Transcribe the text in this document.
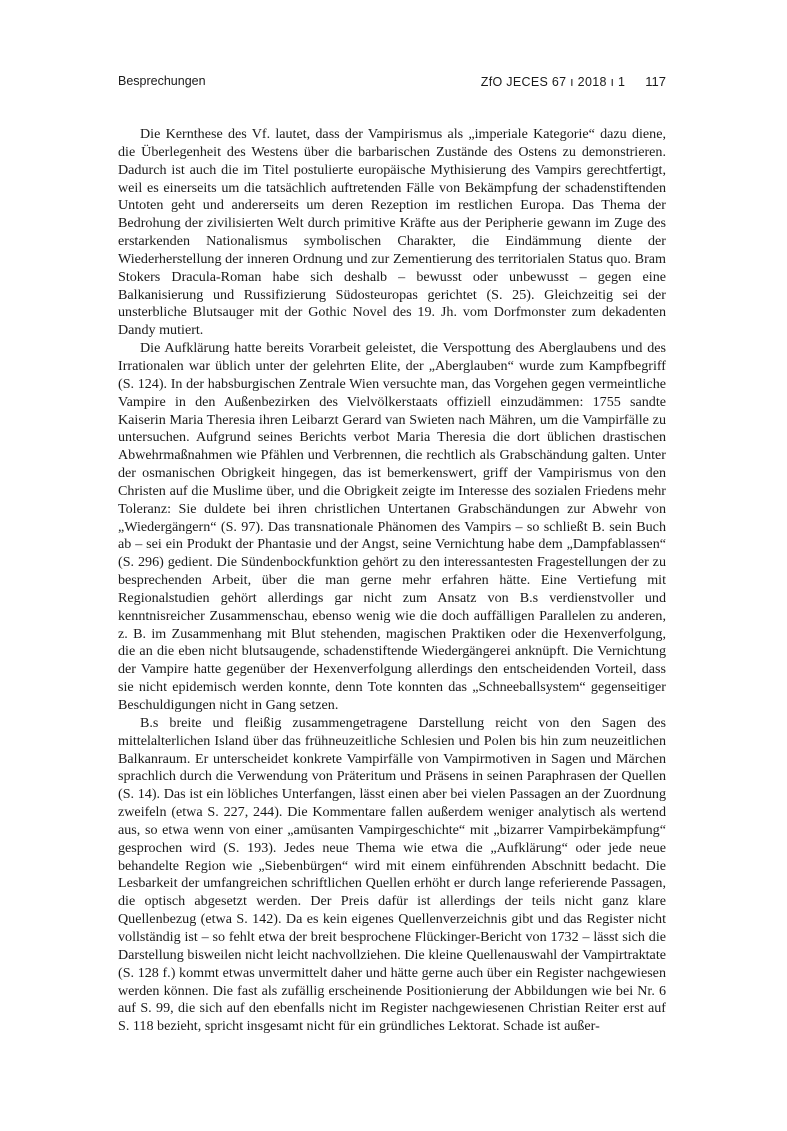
Besprechungen	ZfO JECES 67 ı 2018 ı 1 117

Die Kernthese des Vf. lautet, dass der Vampirismus als „imperiale Kategorie“ dazu diene, die Überlegenheit des Westens über die barbarischen Zustände des Ostens zu demonstrieren. Dadurch ist auch die im Titel postulierte europäische Mythisierung des Vampirs gerechtfertigt, weil es einerseits um die tatsächlich auftretenden Fälle von Bekämpfung der schadenstiftenden Untoten geht und andererseits um deren Rezeption im restlichen Europa. Das Thema der Bedrohung der zivilisierten Welt durch primitive Kräfte aus der Peripherie gewann im Zuge des erstarkenden Nationalismus symbolischen Charakter, die Eindämmung diente der Wiederherstellung der inneren Ordnung und zur Zementierung des territorialen Status quo. Bram Stokers Dracula-Roman habe sich deshalb – bewusst oder unbewusst – gegen eine Balkanisierung und Russifizierung Südosteuropas gerichtet (S. 25). Gleichzeitig sei der unsterbliche Blutsauger mit der Gothic Novel des 19. Jh. vom Dorfmonster zum dekadenten Dandy mutiert.

Die Aufklärung hatte bereits Vorarbeit geleistet, die Verspottung des Aberglaubens und des Irrationalen war üblich unter der gelehrten Elite, der „Aberglauben“ wurde zum Kampfbegriff (S. 124). In der habsburgischen Zentrale Wien versuchte man, das Vorgehen gegen vermeintliche Vampire in den Außenbezirken des Vielvölkerstaats offiziell einzudämmen: 1755 sandte Kaiserin Maria Theresia ihren Leibarzt Gerard van Swieten nach Mähren, um die Vampirfälle zu untersuchen. Aufgrund seines Berichts verbot Maria Theresia die dort üblichen drastischen Abwehrmaßnahmen wie Pfählen und Verbrennen, die rechtlich als Grabschändung galten. Unter der osmanischen Obrigkeit hingegen, das ist bemerkenswert, griff der Vampirismus von den Christen auf die Muslime über, und die Obrigkeit zeigte im Interesse des sozialen Friedens mehr Toleranz: Sie duldete bei ihren christlichen Untertanen Grabschändungen zur Abwehr von „Wiedergängern“ (S. 97). Das transnationale Phänomen des Vampirs – so schließt B. sein Buch ab – sei ein Produkt der Phantasie und der Angst, seine Vernichtung habe dem „Dampfablassen“ (S. 296) gedient. Die Sündenbockfunktion gehört zu den interessantesten Fragestellungen der zu besprechenden Arbeit, über die man gerne mehr erfahren hätte. Eine Vertiefung mit Regionalstudien gehört allerdings gar nicht zum Ansatz von B.s verdienstvoller und kenntnisreicher Zusammenschau, ebenso wenig wie die doch auffälligen Parallelen zu anderen, z. B. im Zusammenhang mit Blut stehenden, magischen Praktiken oder die Hexenverfolgung, die an die eben nicht blutsaugende, schadenstiftende Wiedergängerei anknüpft. Die Vernichtung der Vampire hatte gegenüber der Hexenverfolgung allerdings den entscheidenden Vorteil, dass sie nicht epidemisch werden konnte, denn Tote konnten das „Schneeballsystem“ gegenseitiger Beschuldigungen nicht in Gang setzen.

B.s breite und fleißig zusammengetragene Darstellung reicht von den Sagen des mittelalterlichen Island über das frühneuzeitliche Schlesien und Polen bis hin zum neuzeitlichen Balkanraum. Er unterscheidet konkrete Vampirfälle von Vampirmotiven in Sagen und Märchen sprachlich durch die Verwendung von Präteritum und Präsens in seinen Paraphrasen der Quellen (S. 14). Das ist ein löbliches Unterfangen, lässt einen aber bei vielen Passagen an der Zuordnung zweifeln (etwa S. 227, 244). Die Kommentare fallen außerdem weniger analytisch als wertend aus, so etwa wenn von einer „amüsanten Vampirgeschichte“ mit „bizarrer Vampirbekämpfung“ gesprochen wird (S. 193). Jedes neue Thema wie etwa die „Aufklärung“ oder jede neue behandelte Region wie „Siebenbürgen“ wird mit einem einführenden Abschnitt bedacht. Die Lesbarkeit der umfangreichen schriftlichen Quellen erhöht er durch lange referierende Passagen, die optisch abgesetzt werden. Der Preis dafür ist allerdings der teils nicht ganz klare Quellenbezug (etwa S. 142). Da es kein eigenes Quellenverzeichnis gibt und das Register nicht vollständig ist – so fehlt etwa der breit besprochene Flückinger-Bericht von 1732 – lässt sich die Darstellung bisweilen nicht leicht nachvollziehen. Die kleine Quellenauswahl der Vampirtraktate (S. 128 f.) kommt etwas unvermittelt daher und hätte gerne auch über ein Register nachgewiesen werden können. Die fast als zufällig erscheinende Positionierung der Abbildungen wie bei Nr. 6 auf S. 99, die sich auf den ebenfalls nicht im Register nachgewiesenen Christian Reiter erst auf S. 118 bezieht, spricht insgesamt nicht für ein gründliches Lektorat. Schade ist außer-
